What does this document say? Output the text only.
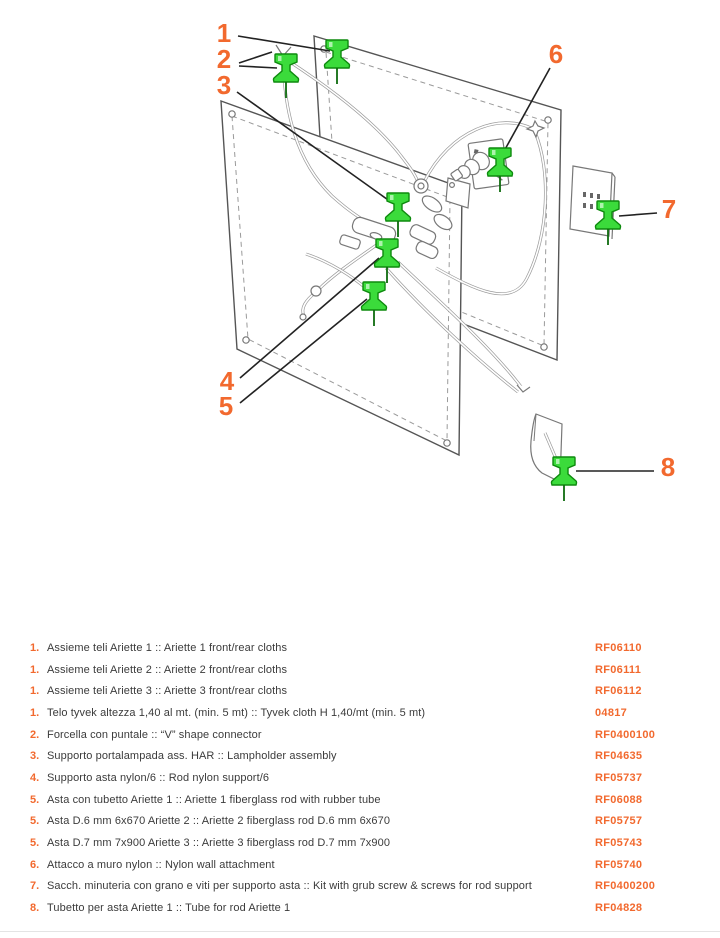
1
2
3
4
5
6
7
8
1. Assieme teli Ariette 1 :: Ariette 1 front/rear cloths	RF06110
1. Assieme teli Ariette 2 :: Ariette 2 front/rear cloths	RF06111
1. Assieme teli Ariette 3 :: Ariette 3 front/rear cloths	RF06112
1. Telo tyvek altezza 1,40 al mt. (min. 5 mt) :: Tyvek cloth H 1,40/mt (min. 5 mt)	04817
2. Forcella con puntale :: “V” shape connector	RF0400100
3. Supporto portalampada ass. HAR :: Lampholder assembly	RF04635
4. Supporto asta nylon/6 :: Rod nylon support/6	RF05737
5. Asta con tubetto Ariette 1 :: Ariette 1 fiberglass rod with rubber tube	RF06088
5. Asta D.6 mm 6x670 Ariette 2 :: Ariette 2 fiberglass rod D.6 mm 6x670	RF05757
5. Asta D.7 mm 7x900 Ariette 3 :: Ariette 3 fiberglass rod D.7 mm 7x900	RF05743
6. Attacco a muro nylon :: Nylon wall attachment	RF05740
7. Sacch. minuteria con grano e viti per supporto asta :: Kit with grub screw & screws for rod support	RF0400200
8. Tubetto per asta Ariette 1 :: Tube for rod Ariette 1	RF04828
